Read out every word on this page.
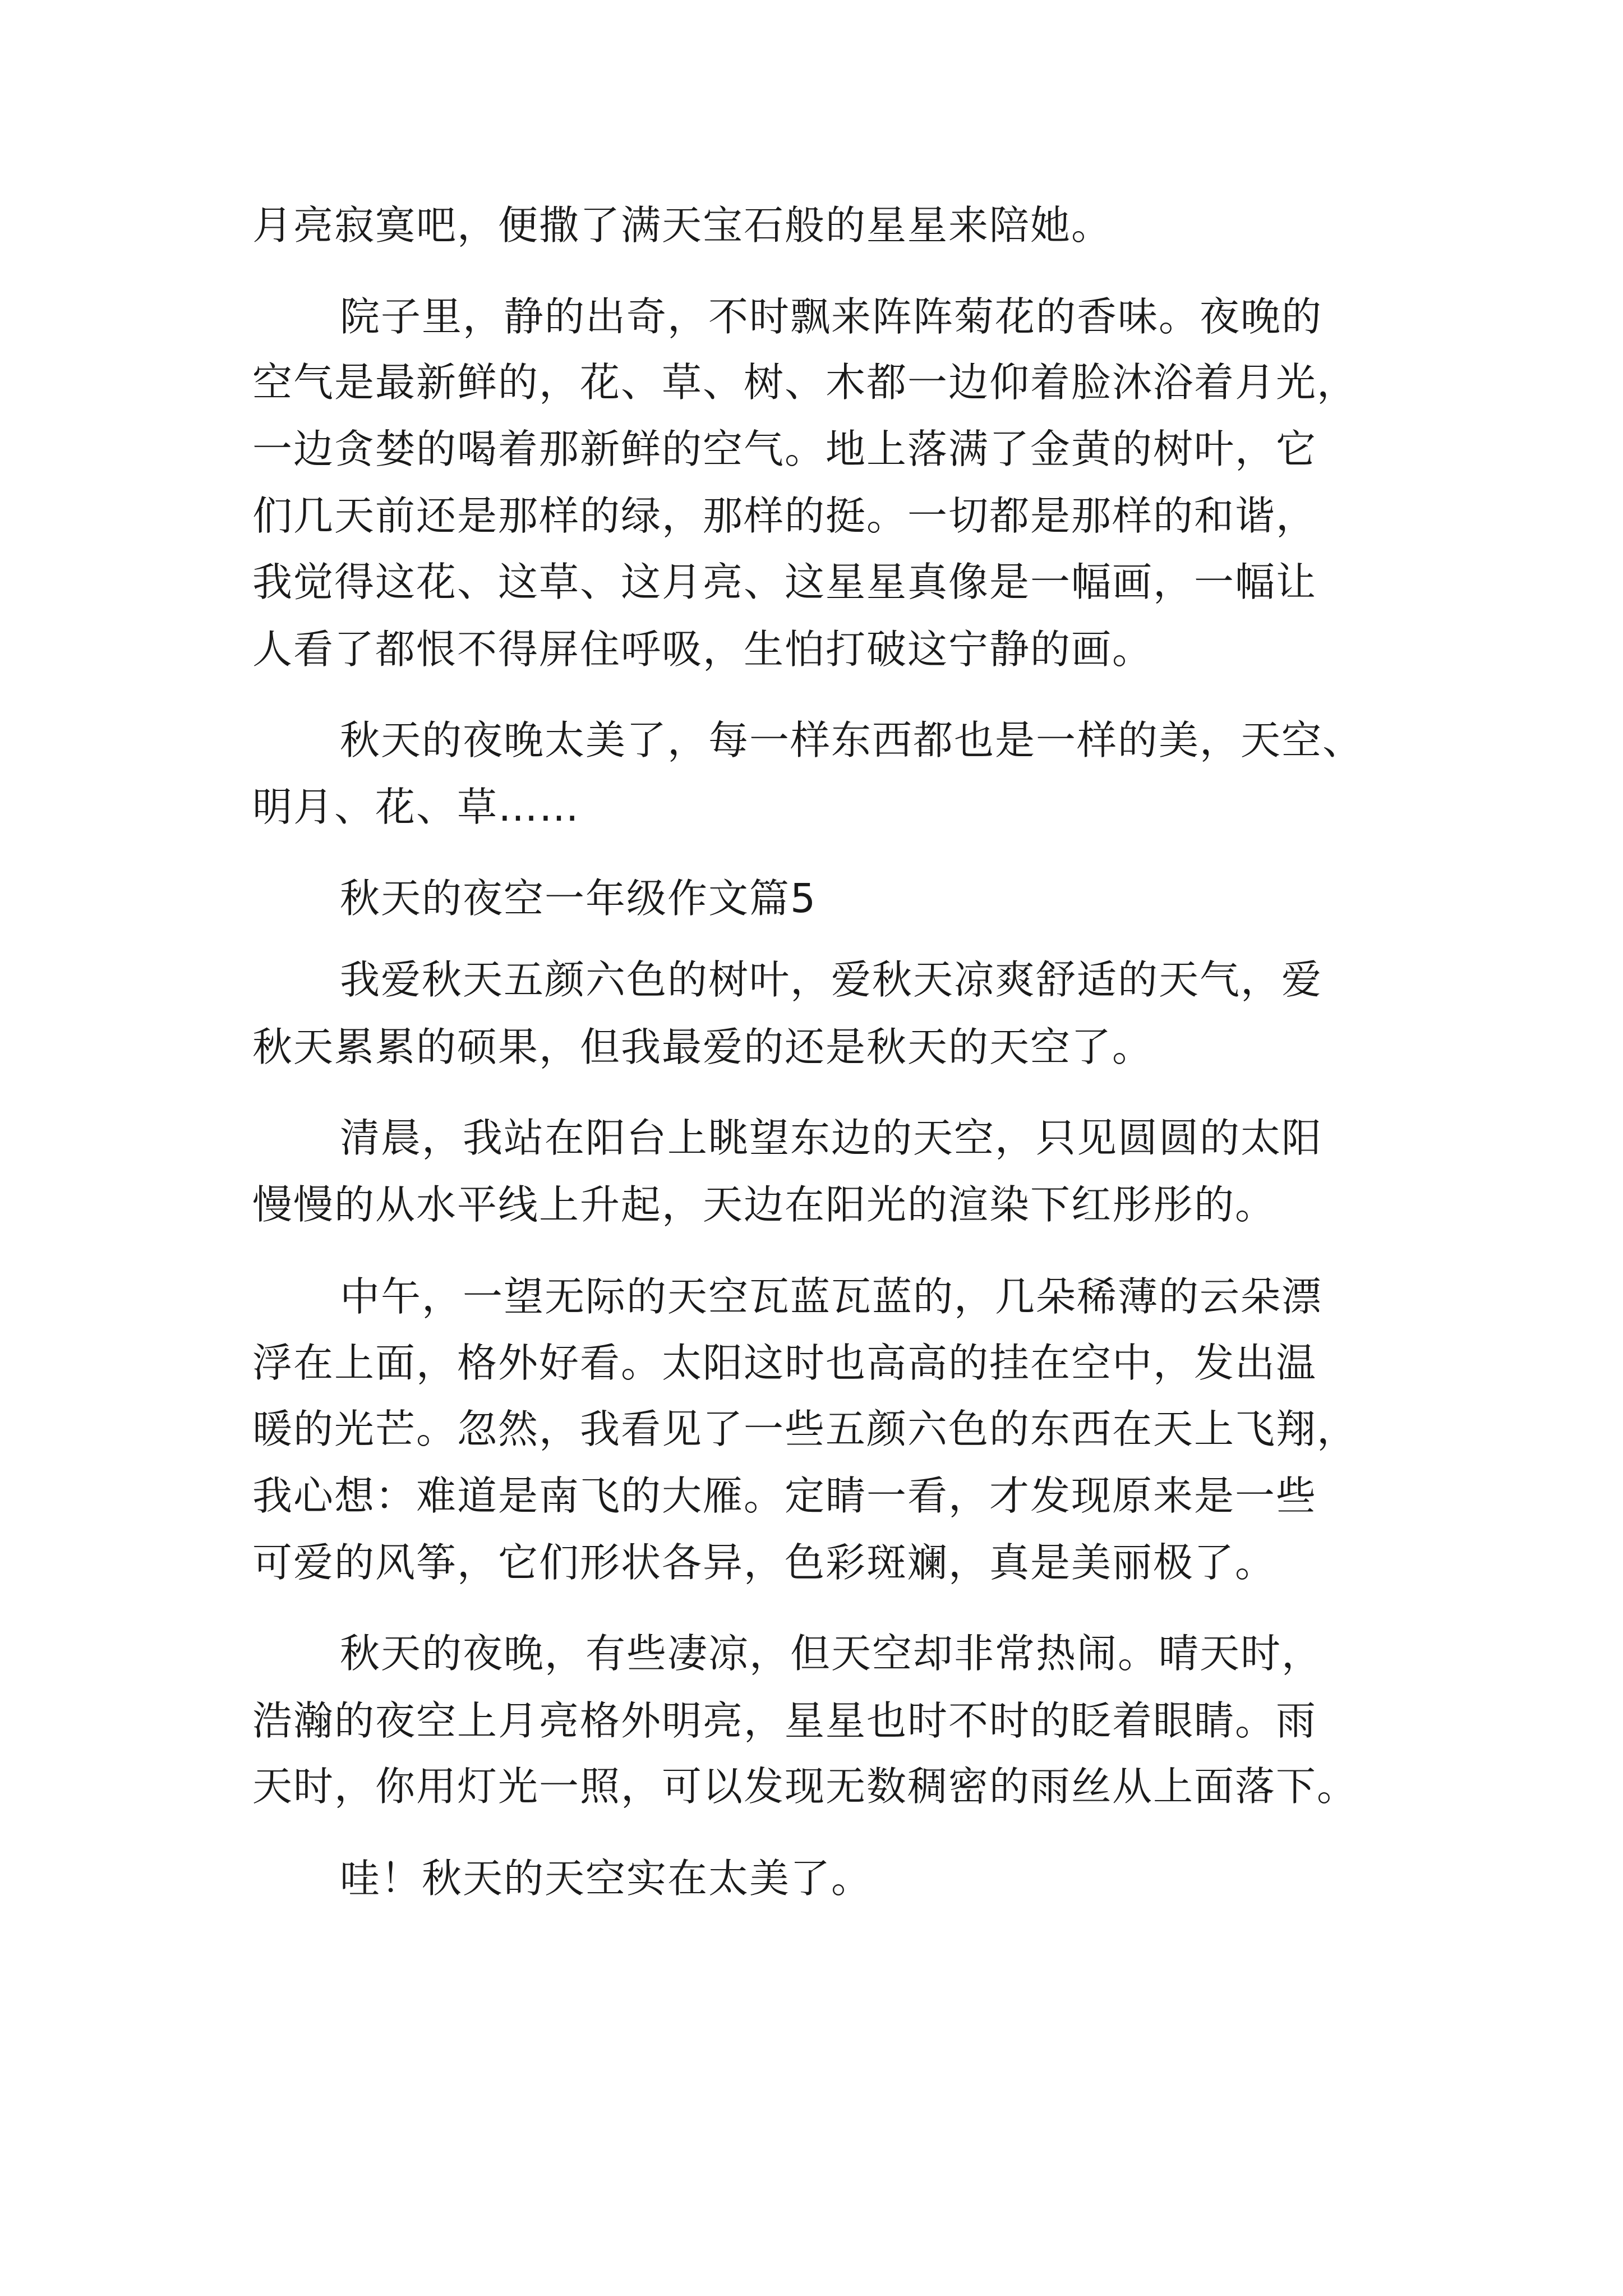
月亮寂寞吧，便撒了满天宝石般的星星来陪她。
院子里，静的出奇，不时飘来阵阵菊花的香味。夜晚的
空气是最新鲜的，花、草、树、木都一边仰着脸沐浴着月光，
一边贪婪的喝着那新鲜的空气。地上落满了金黄的树叶，它
们几天前还是那样的绿，那样的挺。一切都是那样的和谐，
我觉得这花、这草、这月亮、这星星真像是一幅画，一幅让
人看了都恨不得屏住呼吸，生怕打破这宁静的画。
秋天的夜晚太美了，每一样东西都也是一样的美，天空、
明月、花、草……
秋天的夜空一年级作文篇5
我爱秋天五颜六色的树叶，爱秋天凉爽舒适的天气，爱
秋天累累的硕果，但我最爱的还是秋天的天空了。
清晨，我站在阳台上眺望东边的天空，只见圆圆的太阳
慢慢的从水平线上升起，天边在阳光的渲染下红彤彤的。
中午，一望无际的天空瓦蓝瓦蓝的，几朵稀薄的云朵漂
浮在上面，格外好看。太阳这时也高高的挂在空中，发出温
暖的光芒。忽然，我看见了一些五颜六色的东西在天上飞翔，
我心想：难道是南飞的大雁。定睛一看，才发现原来是一些
可爱的风筝，它们形状各异，色彩斑斓，真是美丽极了。
秋天的夜晚，有些凄凉，但天空却非常热闹。晴天时，
浩瀚的夜空上月亮格外明亮，星星也时不时的眨着眼睛。雨
天时，你用灯光一照，可以发现无数稠密的雨丝从上面落下。
哇！秋天的天空实在太美了。
